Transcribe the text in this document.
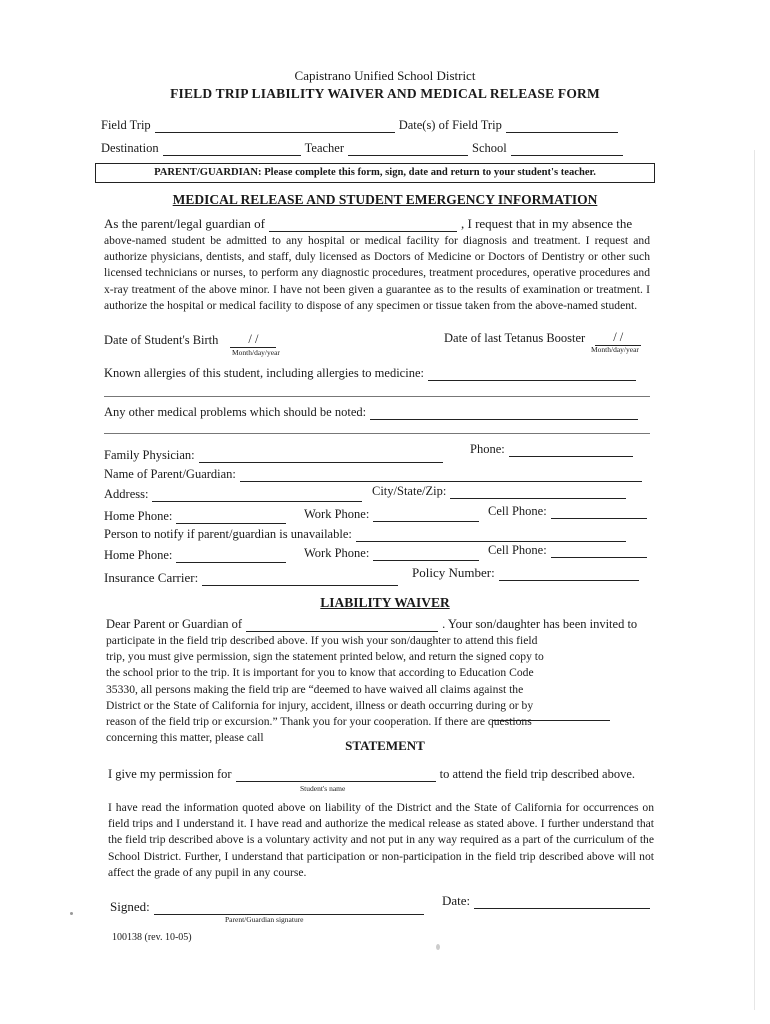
Capistrano Unified School District
FIELD TRIP LIABILITY WAIVER AND MEDICAL RELEASE FORM
Field Trip	Date(s) of Field Trip
Destination	Teacher	School
PARENT/GUARDIAN: Please complete this form, sign, date and return to your student's teacher.
MEDICAL RELEASE AND STUDENT EMERGENCY INFORMATION
As the parent/legal guardian of	, I request that in my absence the
above-named student be admitted to any hospital or medical facility for diagnosis and treatment. I request and authorize physicians, dentists, and staff, duly licensed as Doctors of Medicine or Doctors of Dentistry or other such licensed technicians or nurses, to perform any diagnostic procedures, treatment procedures, operative procedures and x-ray treatment of the above minor. I have not been given a guarantee as to the results of examination or treatment. I authorize the hospital or medical facility to dispose of any specimen or tissue taken from the above-named student.
Date of Student's Birth	/ /
Month/day/year
Date of last Tetanus Booster	/ /
Month/day/year
Known allergies of this student, including allergies to medicine:
Any other medical problems which should be noted:
Family Physician:	Phone:
Name of Parent/Guardian:
Address:	City/State/Zip:
Home Phone:	Work Phone:	Cell Phone:
Person to notify if parent/guardian is unavailable:
Home Phone:	Work Phone:	Cell Phone:
Insurance Carrier:	Policy Number:
LIABILITY WAIVER
Dear Parent or Guardian of	. Your son/daughter has been invited to
participate in the field trip described above. If you wish your son/daughter to attend this field trip, you must give permission, sign the statement printed below, and return the signed copy to the school prior to the trip. It is important for you to know that according to Education Code 35330, all persons making the field trip are “deemed to have waived all claims against the District or the State of California for injury, accident, illness or death occurring during or by reason of the field trip or excursion.” Thank you for your cooperation. If there are questions concerning this matter, please call
STATEMENT
I give my permission for	to attend the field trip described above.
Student's name
I have read the information quoted above on liability of the District and the State of California for occurrences on field trips and I understand it. I have read and authorize the medical release as stated above. I further understand that the field trip described above is a voluntary activity and not put in any way required as a part of the curriculum of the School District. Further, I understand that participation or non-participation in the field trip described above will not affect the grade of any pupil in any course.
Signed:
Parent/Guardian signature
Date:
100138 (rev. 10-05)
